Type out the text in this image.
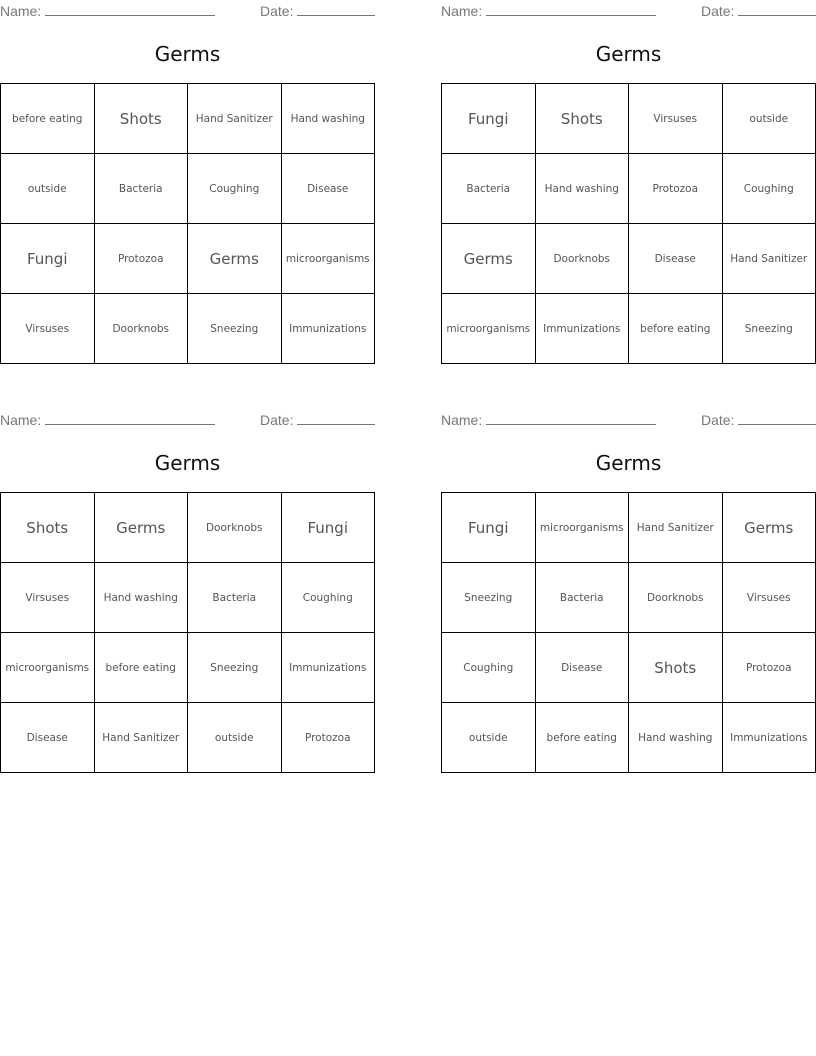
Name:	Date:
Germs
before eating	Shots	Hand Sanitizer	Hand washing
outside	Bacteria	Coughing	Disease
Fungi	Protozoa	Germs	microorganisms
Virsuses	Doorknobs	Sneezing	Immunizations
Name:	Date:
Germs
Fungi	Shots	Virsuses	outside
Bacteria	Hand washing	Protozoa	Coughing
Germs	Doorknobs	Disease	Hand Sanitizer
microorganisms	Immunizations	before eating	Sneezing
Name:	Date:
Germs
Shots	Germs	Doorknobs	Fungi
Virsuses	Hand washing	Bacteria	Coughing
microorganisms	before eating	Sneezing	Immunizations
Disease	Hand Sanitizer	outside	Protozoa
Name:	Date:
Germs
Fungi	microorganisms	Hand Sanitizer	Germs
Sneezing	Bacteria	Doorknobs	Virsuses
Coughing	Disease	Shots	Protozoa
outside	before eating	Hand washing	Immunizations
